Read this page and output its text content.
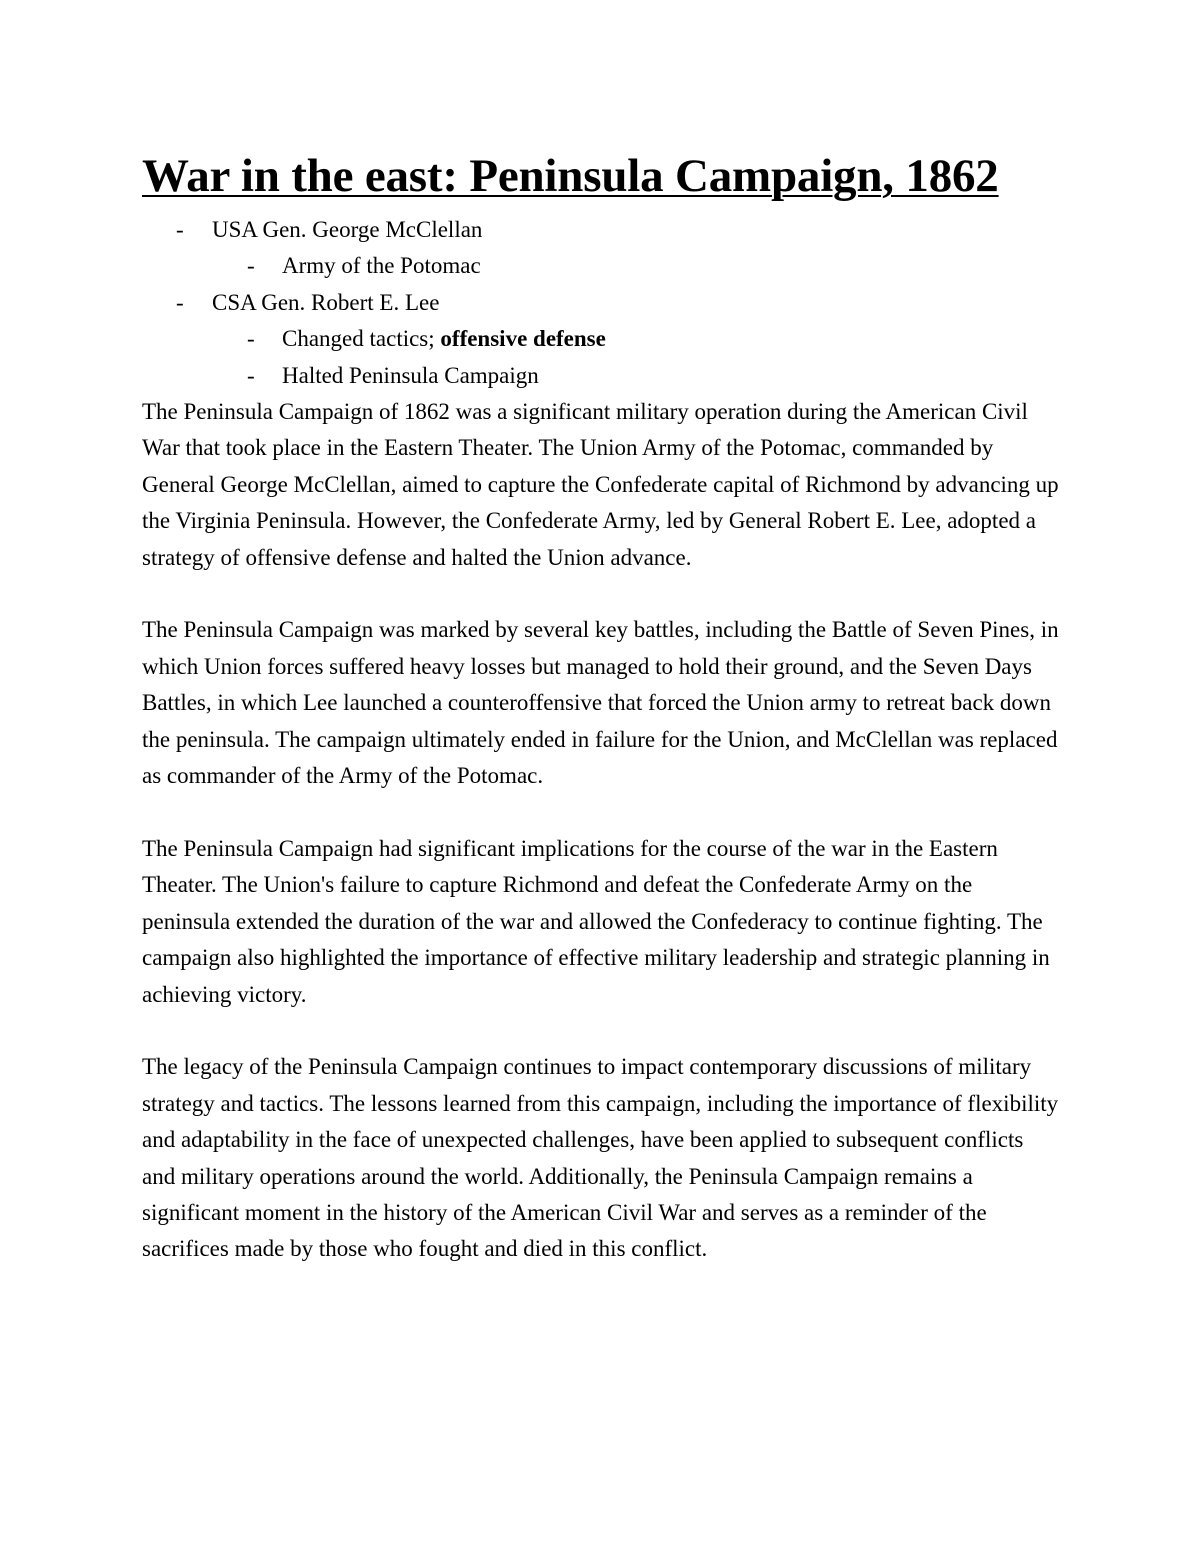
War in the east: Peninsula Campaign, 1862
- USA Gen. George McClellan
- Army of the Potomac
- CSA Gen. Robert E. Lee
- Changed tactics; offensive defense
- Halted Peninsula Campaign

The Peninsula Campaign of 1862 was a significant military operation during the American Civil War that took place in the Eastern Theater. The Union Army of the Potomac, commanded by General George McClellan, aimed to capture the Confederate capital of Richmond by advancing up the Virginia Peninsula. However, the Confederate Army, led by General Robert E. Lee, adopted a strategy of offensive defense and halted the Union advance.

The Peninsula Campaign was marked by several key battles, including the Battle of Seven Pines, in which Union forces suffered heavy losses but managed to hold their ground, and the Seven Days Battles, in which Lee launched a counteroffensive that forced the Union army to retreat back down the peninsula. The campaign ultimately ended in failure for the Union, and McClellan was replaced as commander of the Army of the Potomac.

The Peninsula Campaign had significant implications for the course of the war in the Eastern Theater. The Union's failure to capture Richmond and defeat the Confederate Army on the peninsula extended the duration of the war and allowed the Confederacy to continue fighting. The campaign also highlighted the importance of effective military leadership and strategic planning in achieving victory.

The legacy of the Peninsula Campaign continues to impact contemporary discussions of military strategy and tactics. The lessons learned from this campaign, including the importance of flexibility and adaptability in the face of unexpected challenges, have been applied to subsequent conflicts and military operations around the world. Additionally, the Peninsula Campaign remains a significant moment in the history of the American Civil War and serves as a reminder of the sacrifices made by those who fought and died in this conflict.
